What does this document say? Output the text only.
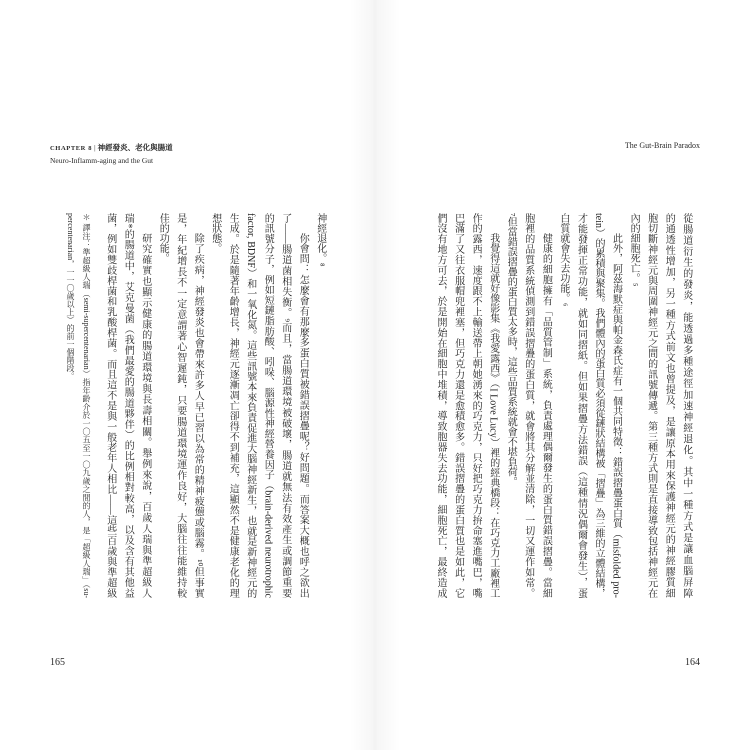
CHAPTER 8 | 神經發炎、老化與腸道
Neuro-Inflamm-aging and the Gut
神經退化。⁸
你會問：怎麼會有那麼多蛋白質被錯誤摺疊呢？好問題。而答案大概也呼之欲出
了——腸道菌相失衡。⁹而且，當腸道環境被破壞，腸道就無法有效產生或調節重要
的訊號分子，例如短鏈脂肪酸、吲哚、腦源性神經營養因子（brain-derived neurotrophic
factor, BDNF）和一氧化氮。這些訊號本來負責促進大腦神經新生，也就是新神經元的
生成。於是隨著年齡增長，神經元逐漸凋亡卻得不到補充，這顯然不是健康老化的理
想狀態。
除了疾病，神經發炎也會帶來許多人早已習以為常的精神疲憊或腦霧。¹⁰但事實
是，年紀增長不一定意謂著心智遲鈍，只要腸道環境運作良好，大腦往往能維持較
佳的功能。
研究確實也顯示健康的腸道環境與長壽相關。舉例來說，百歲人瑞與準超級人
瑞*的腸道中，艾克曼菌（我們最愛的腸道夥伴）的比例相對較高，以及含有其他益
菌，例如雙歧桿菌和乳酸桿菌。而且這不是與一般老年人相比——這些百歲與準超級
＊ 譯注：準超級人瑞（semi-supercentenarian）指年齡介於一〇五至一〇九歲之間的人，是「超級人瑞」（su-
percentenarian，一一〇歲以上）的前一個階段。
165
The Gut-Brain Paradox
從腸道衍生的發炎，能透過多種途徑加速神經退化。其中一種方式是讓血腦屏障
的通透性增加，另一種方式前文也曾提及，是讓原本用來保護神經元的神經膠質細
胞切斷神經元與周圍神經元之間的訊號傳遞。第三種方式則是直接導致包括神經元在
內的細胞死亡。⁵
此外，阿茲海默症與帕金森氏症有一個共同特徵：錯誤摺疊蛋白質（misfolded pro-
tein）的累積與聚集。我們體內的蛋白質必須從鏈狀結構被「摺疊」為三維的立體結構，
才能發揮正常功能，就如同摺紙。但如果摺疊方法錯誤（這種情況偶爾會發生），蛋
白質就會失去功能。⁶
健康的細胞擁有「品質管制」系統，負責處理偶爾發生的蛋白質錯誤摺疊。當細
胞裡的品質系統偵測到錯誤摺疊的蛋白質，就會將其分解並清除，一切又運作如常。
⁷但當錯誤摺疊的蛋白質太多時，這些品質系統就會不堪負荷。
我覺得這就好像影集《我愛露西》（I Love Lucy）裡的經典橋段：在巧克力工廠裡工
作的露西，速度跟不上輸送帶上朝她湧來的巧克力，只好把巧克力拚命塞進嘴巴，嘴
巴滿了又往衣服帽兜裡塞，但巧克力還是愈積愈多。錯誤摺疊的蛋白質也是如此，它
們沒有地方可去，於是開始在細胞中堆積，導致胞器失去功能，細胞死亡，最終造成
164
